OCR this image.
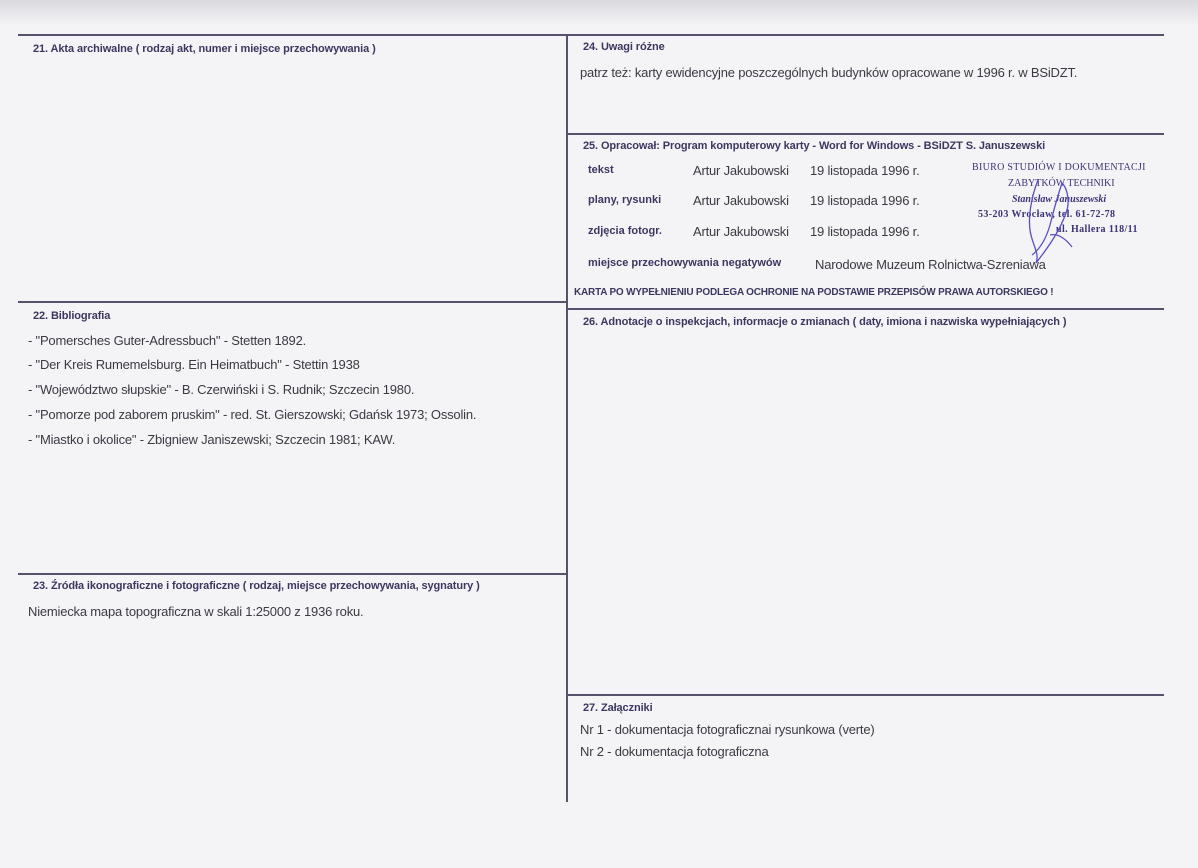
21. Akta archiwalne ( rodzaj akt, numer i miejsce przechowywania )
22. Bibliografia
- "Pomersches Guter-Adressbuch" - Stetten 1892.
- "Der Kreis Rumemelsburg. Ein Heimatbuch" - Stettin 1938
- "Województwo słupskie" - B. Czerwiński i S. Rudnik; Szczecin 1980.
- "Pomorze pod zaborem pruskim" - red. St. Gierszowski; Gdańsk 1973; Ossolin.
- "Miastko i okolice" - Zbigniew Janiszewski; Szczecin 1981; KAW.
23. Źródła ikonograficzne i fotograficzne ( rodzaj, miejsce przechowywania, sygnatury )
Niemiecka mapa topograficzna w skali 1:25000 z 1936 roku.
24. Uwagi różne
patrz też: karty ewidencyjne poszczególnych budynków opracowane w 1996 r. w BSiDZT.
25. Opracował: Program komputerowy karty - Word for Windows - BSiDZT S. Januszewski
tekst	Artur Jakubowski 19 listopada 1996 r.
plany, rysunki Artur Jakubowski 19 listopada 1996 r.
zdjęcia fotogr. Artur Jakubowski 19 listopada 1996 r.
miejsce przechowywania negatywów	Narodowe Muzeum Rolnictwa-Szreniawa
BIURO STUDIÓW I DOKUMENTACJI
ZABYTKÓW TECHNIKI
Stanisław Januszewski
53-203 Wrocław, tel. 61-72-78
ul. Hallera 118/11
KARTA PO WYPEŁNIENIU PODLEGA OCHRONIE NA PODSTAWIE PRZEPISÓW PRAWA AUTORSKIEGO !
26. Adnotacje o inspekcjach, informacje o zmianach ( daty, imiona i nazwiska wypełniających )
27. Załączniki
Nr 1 - dokumentacja fotograficznai rysunkowa (verte)
Nr 2 - dokumentacja fotograficzna
